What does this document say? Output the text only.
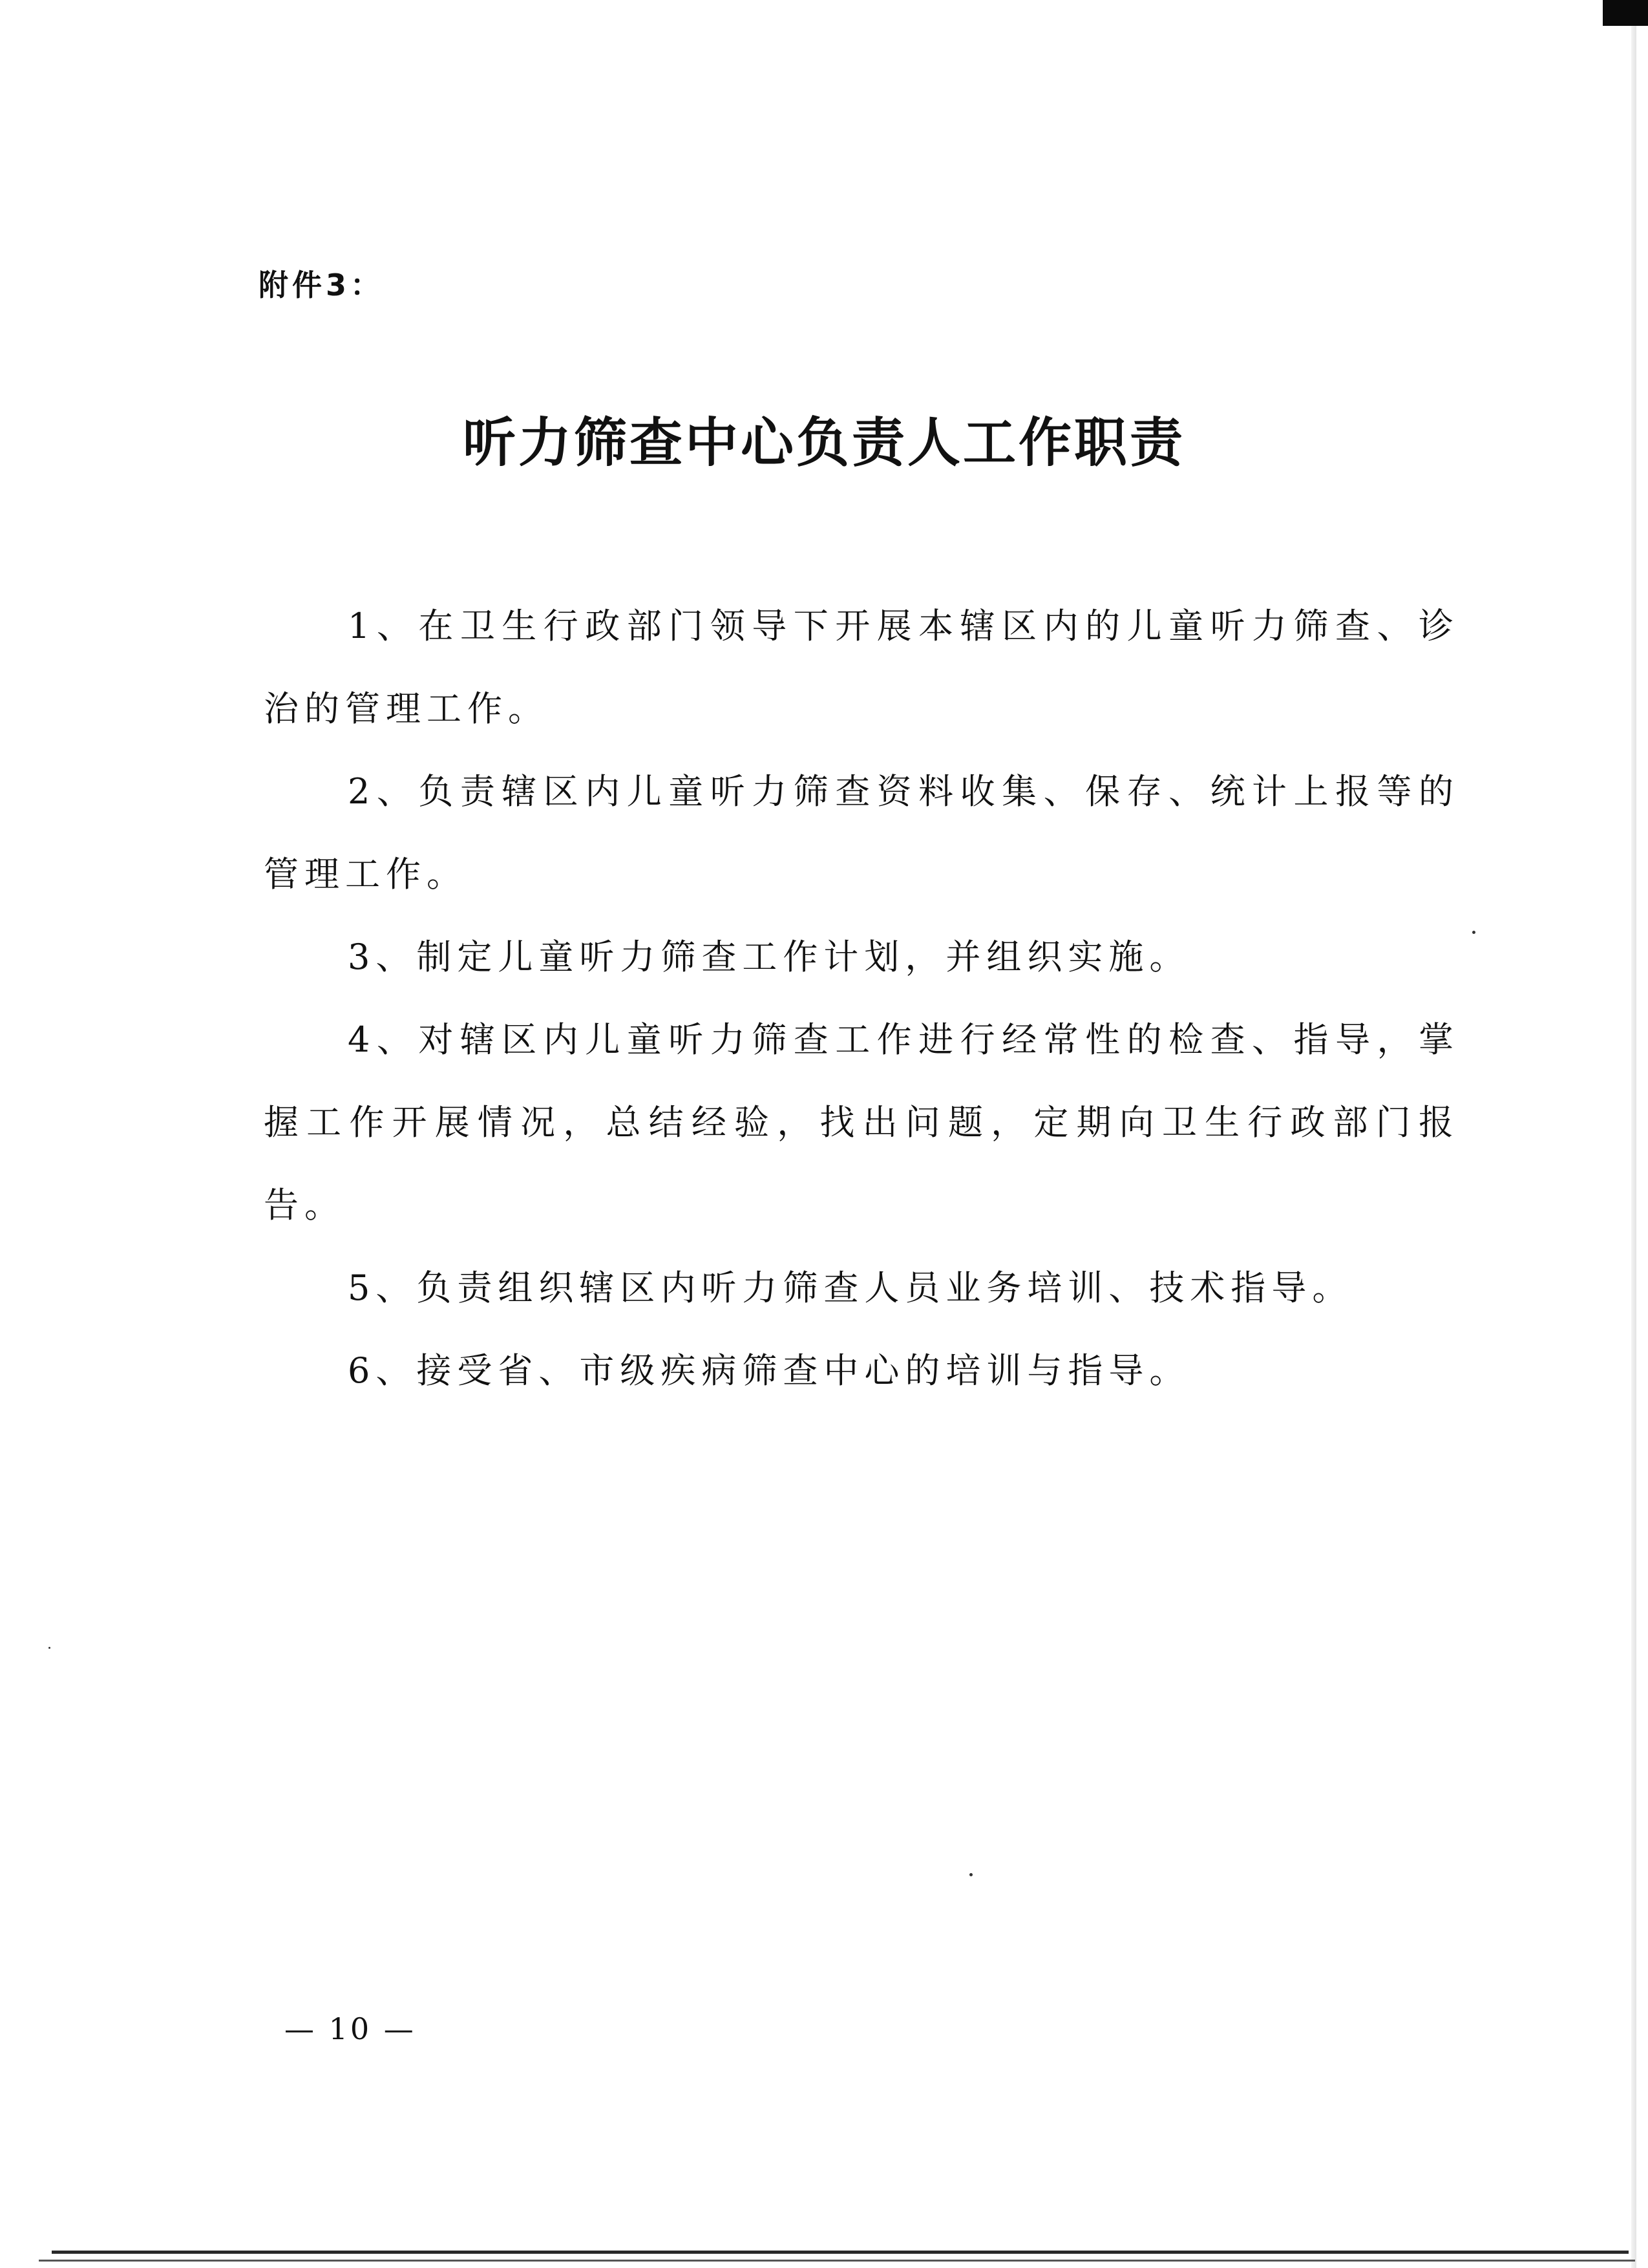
附件3：
听力筛查中心负责人工作职责

1、在卫生行政部门领导下开展本辖区内的儿童听力筛查、诊治的管理工作。

2、负责辖区内儿童听力筛查资料收集、保存、统计上报等的管理工作。

3、制定儿童听力筛查工作计划，并组织实施。

4、对辖区内儿童听力筛查工作进行经常性的检查、指导，掌握工作开展情况，总结经验，找出问题，定期向卫生行政部门报告。

5、负责组织辖区内听力筛查人员业务培训、技术指导。

6、接受省、市级疾病筛查中心的培训与指导。

— 10 —
